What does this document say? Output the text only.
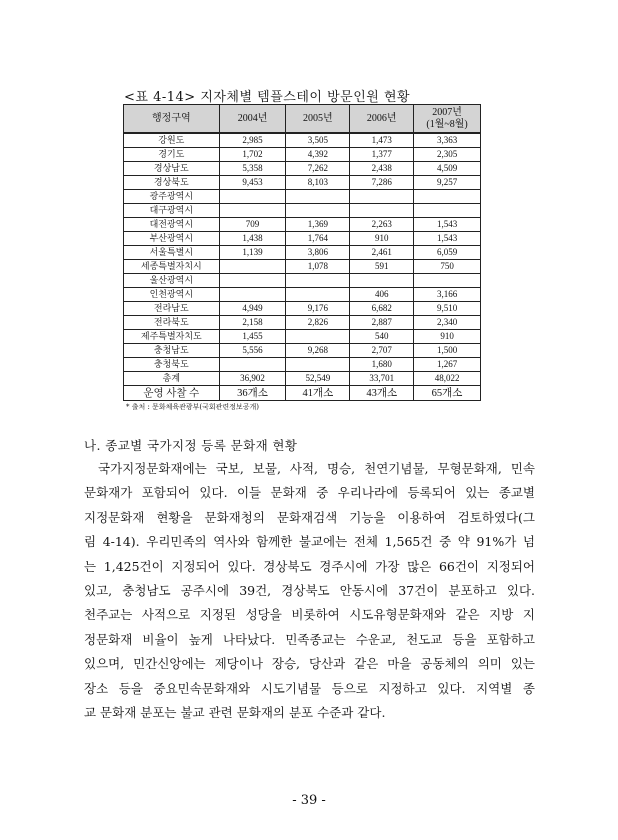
<표 4-14> 지자체별 템플스테이 방문인원 현황
행정구역	2004년	2005년	2006년	2007년
(1월~8월)
강원도	2,985	3,505	1,473	3,363
경기도	1,702	4,392	1,377	2,305
경상남도	5,358	7,262	2,438	4,509
경상북도	9,453	8,103	7,286	9,257
광주광역시				
대구광역시				
대전광역시	709	1,369	2,263	1,543
부산광역시	1,438	1,764	910	1,543
서울특별시	1,139	3,806	2,461	6,059
세종특별자치시		1,078	591	750
울산광역시				
인천광역시			406	3,166
전라남도	4,949	9,176	6,682	9,510
전라북도	2,158	2,826	2,887	2,340
제주특별자치도	1,455		540	910
충청남도	5,556	9,268	2,707	1,500
충청북도			1,680	1,267
총계	36,902	52,549	33,701	48,022
운영 사찰 수	36개소	41개소	43개소	65개소
* 출처 : 문화체육관광부(국회관련정보공개)
나. 종교별 국가지정 등록 문화재 현황
국가지정문화재에는 국보, 보물, 사적, 명승, 천연기념물, 무형문화재, 민속
문화재가 포함되어 있다. 이들 문화재 중 우리나라에 등록되어 있는 종교별
지정문화재 현황을 문화재청의 문화재검색 기능을 이용하여 검토하였다(그
림 4-14). 우리민족의 역사와 함께한 불교에는 전체 1,565건 중 약 91%가 넘
는 1,425건이 지정되어 있다. 경상북도 경주시에 가장 많은 66건이 지정되어
있고, 충청남도 공주시에 39건, 경상북도 안동시에 37건이 분포하고 있다.
천주교는 사적으로 지정된 성당을 비롯하여 시도유형문화재와 같은 지방 지
정문화재 비율이 높게 나타났다. 민족종교는 수운교, 천도교 등을 포함하고
있으며, 민간신앙에는 제당이나 장승, 당산과 같은 마을 공동체의 의미 있는
장소 등을 중요민속문화재와 시도기념물 등으로 지정하고 있다. 지역별 종
교 문화재 분포는 불교 관련 문화재의 분포 수준과 같다.
- 39 -
